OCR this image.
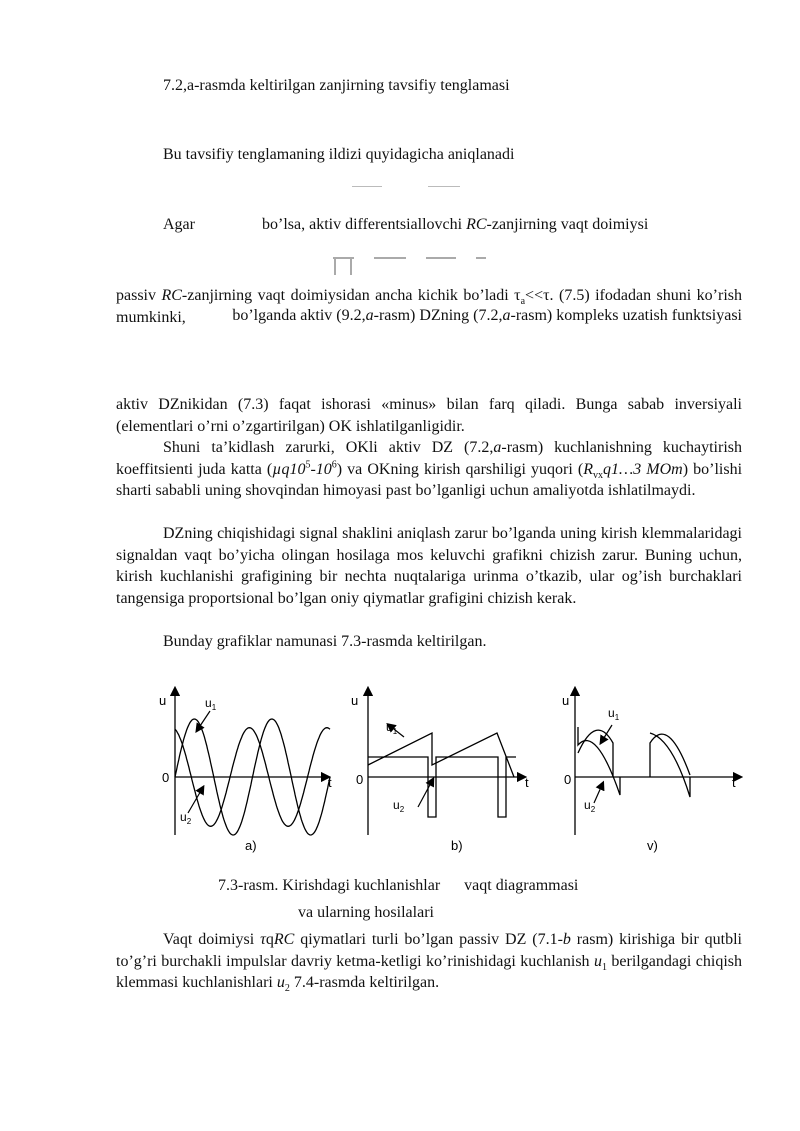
7.2,a-rasmda keltirilgan zanjirning tavsifiy tenglamasi
Bu tavsifiy tenglamaning ildizi quyidagicha aniqlanadi
Agar	bo’lsa, aktiv differentsiallovchi RC-zanjirning vaqt doimiysi

passiv RC-zanjirning vaqt doimiysidan ancha kichik bo’ladi $\tau_a<<\tau$. (7.5) ifodadan shuni ko’rish mumkinki,	bo’lganda aktiv (9.2,a-rasm) DZning (7.2,a-rasm) kompleks uzatish funktsiyasi

aktiv DZnikidan (7.3) faqat ishorasi «minus» bilan farq qiladi. Bunga sabab inversiyali (elementlari o’rni o’zgartirilgan) OK ishlatilganligidir.

Shuni ta’kidlash zarurki, OKli aktiv DZ (7.2,a-rasm) kuchlanishning kuchaytirish koeffitsienti juda katta $(\mu q10^5-10^6)$ va OKning kirish qarshiligi yuqori ($R_{vx}q1\dots 3$ MOm) bo’lishi sharti sababli uning shovqindan himoyasi past bo’lganligi uchun amaliyotda ishlatilmaydi.

DZning chiqishidagi signal shaklini aniqlash zarur bo’lganda uning kirish klemmalaridagi signaldan vaqt bo’yicha olingan hosilaga mos keluvchi grafikni chizish zarur. Buning uchun, kirish kuchlanishi grafigining bir nechta nuqtalariga urinma o’tkazib, ular og’ish burchaklari tangensiga proportsional bo’lgan oniy qiymatlar grafigini chizish kerak.

Bunday grafiklar namunasi 7.3-rasmda keltirilgan.

u	$u_1$
0	t
$u_2$
a)
u
$u_1$
0	t
$u_2$
b)
u
$u_1$
0	t
$u_2$
v)
7.3-rasm. Kirishdagi kuchlanishlar      vaqt diagrammasi
va ularning hosilalari

Vaqt doimiysi τqRC qiymatlari turli bo’lgan passiv DZ (7.1-b rasm) kirishiga bir qutbli to’g’ri burchakli impulslar davriy ketma-ketligi ko’rinishidagi kuchlanish $u_1$ berilgandagi chiqish klemmasi kuchlanishlari $u_2$ 7.4-rasmda keltirilgan.
